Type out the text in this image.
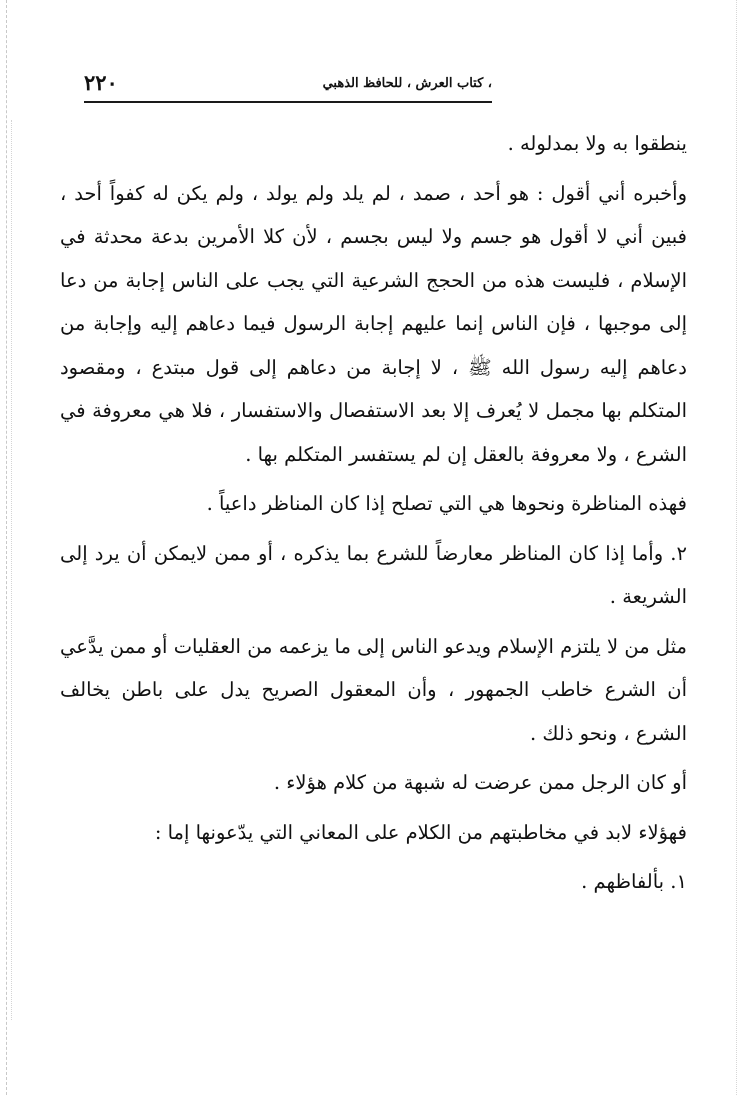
، كتاب العرش ، للحافظ الذهبي
٢٢٠

ينطقوا به ولا بمدلوله .

وأخبره أني أقول : هو أحد ، صمد ، لم يلد ولم يولد ، ولم يكن له كفواً أحد ، فبين أني لا أقول هو جسم ولا ليس بجسم ، لأن كلا الأمرين بدعة محدثة في الإسلام ، فليست هذه من الحجج الشرعية التي يجب على الناس إجابة من دعا إلى موجبها ، فإن الناس إنما عليهم إجابة الرسول فيما دعاهم إليه وإجابة من دعاهم إليه رسول الله ﷺ ، لا إجابة من دعاهم إلى قول مبتدع ، ومقصود المتكلم بها مجمل لا يُعرف إلا بعد الاستفصال والاستفسار ، فلا هي معروفة في الشرع ، ولا معروفة بالعقل إن لم يستفسر المتكلم بها .

فهذه المناظرة ونحوها هي التي تصلح إذا كان المناظر داعياً .

٢. وأما إذا كان المناظر معارضاً للشرع بما يذكره ، أو ممن لايمكن أن يرد إلى الشريعة .

مثل من لا يلتزم الإسلام ويدعو الناس إلى ما يزعمه من العقليات أو ممن يدَّعي أن الشرع خاطب الجمهور ، وأن المعقول الصريح يدل على باطن يخالف الشرع ، ونحو ذلك .

أو كان الرجل ممن عرضت له شبهة من كلام هؤلاء .

فهؤلاء لابد في مخاطبتهم من الكلام على المعاني التي يدّعونها إما :

١. بألفاظهم .
